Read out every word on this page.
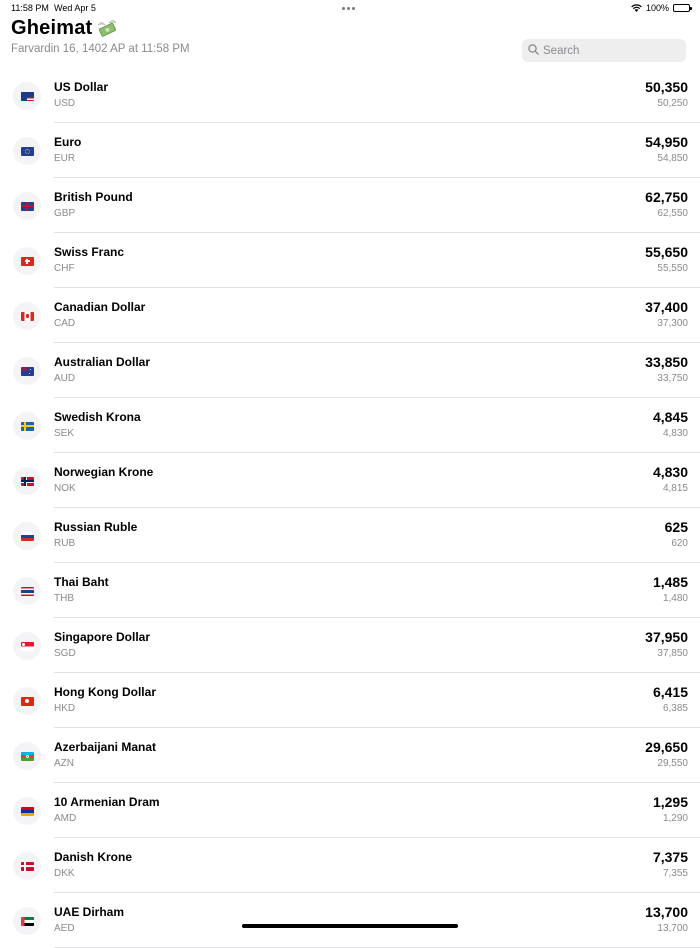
11:58 PM Wed Apr 5	100%
Gheimat
Farvardin 16, 1402 AP at 11:58 PM
Search
US Dollar
USD
50,350
50,250
Euro
EUR
54,950
54,850
British Pound
GBP
62,750
62,550
Swiss Franc
CHF
55,650
55,550
Canadian Dollar
CAD
37,400
37,300
Australian Dollar
AUD
33,850
33,750
Swedish Krona
SEK
4,845
4,830
Norwegian Krone
NOK
4,830
4,815
Russian Ruble
RUB
625
620
Thai Baht
THB
1,485
1,480
Singapore Dollar
SGD
37,950
37,850
Hong Kong Dollar
HKD
6,415
6,385
Azerbaijani Manat
AZN
29,650
29,550
10 Armenian Dram
AMD
1,295
1,290
Danish Krone
DKK
7,375
7,355
UAE Dirham
AED
13,700
13,700
